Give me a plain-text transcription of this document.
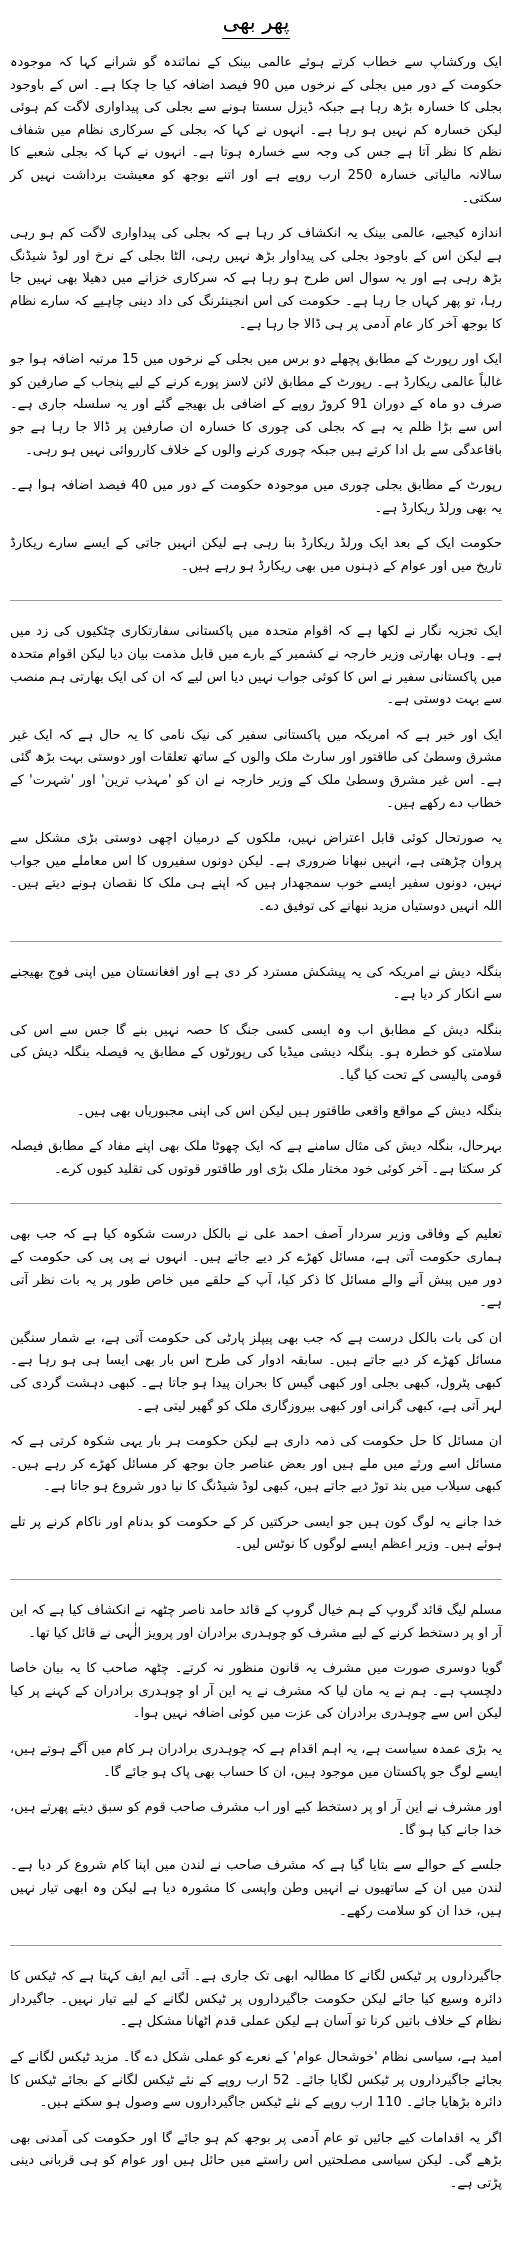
پھر بھی

ایک ورکشاپ سے خطاب کرتے ہوئے عالمی بینک کے نمائندہ گو شرانے کہا کہ موجودہ حکومت کے دور میں بجلی کے نرخوں میں 90 فیصد اضافہ کیا جا چکا ہے۔ اس کے باوجود بجلی کا خسارہ بڑھ رہا ہے جبکہ ڈیزل سستا ہونے سے بجلی کی پیداواری لاگت کم ہوئی لیکن خسارہ کم نہیں ہو رہا ہے۔ انہوں نے کہا کہ بجلی کے سرکاری نظام میں شفاف نظم کا نظر آتا ہے جس کی وجہ سے خسارہ ہوتا ہے۔ انہوں نے کہا کہ بجلی شعبے کا سالانہ مالیاتی خسارہ 250 ارب روپے ہے اور اتنے بوجھ کو معیشت برداشت نہیں کر سکتی۔

اندازہ کیجیے، عالمی بینک یہ انکشاف کر رہا ہے کہ بجلی کی پیداواری لاگت کم ہو رہی ہے لیکن اس کے باوجود بجلی کی پیداوار بڑھ نہیں رہی، الٹا بجلی کے نرخ اور لوڈ شیڈنگ بڑھ رہی ہے اور یہ سوال اس طرح ہو رہا ہے کہ سرکاری خزانے میں دھیلا بھی نہیں جا رہا، تو پھر کہاں جا رہا ہے۔ حکومت کی اس انجینئرنگ کی داد دینی چاہیے کہ سارے نظام کا بوجھ آخر کار عام آدمی پر ہی ڈالا جا رہا ہے۔

ایک اور رپورٹ کے مطابق پچھلے دو برس میں بجلی کے نرخوں میں 15 مرتبہ اضافہ ہوا جو غالباً عالمی ریکارڈ ہے۔ رپورٹ کے مطابق لائن لاسز پورے کرنے کے لیے پنجاب کے صارفین کو صرف دو ماہ کے دوران 91 کروڑ روپے کے اضافی بل بھیجے گئے اور یہ سلسلہ جاری ہے۔ اس سے بڑا ظلم یہ ہے کہ بجلی کی چوری کا خسارہ ان صارفین پر ڈالا جا رہا ہے جو باقاعدگی سے بل ادا کرتے ہیں جبکہ چوری کرنے والوں کے خلاف کارروائی نہیں ہو رہی۔

رپورٹ کے مطابق بجلی چوری میں موجودہ حکومت کے دور میں 40 فیصد اضافہ ہوا ہے۔ یہ بھی ورلڈ ریکارڈ ہے۔

حکومت ایک کے بعد ایک ورلڈ ریکارڈ بنا رہی ہے لیکن انہیں جاتی کے ایسے سارے ریکارڈ تاریخ میں اور عوام کے ذہنوں میں بھی ریکارڈ ہو رہے ہیں۔

ایک تجزیہ نگار نے لکھا ہے کہ اقوام متحدہ میں پاکستانی سفارتکاری چٹکیوں کی زد میں ہے۔ وہاں بھارتی وزیر خارجہ نے کشمیر کے بارے میں قابل مذمت بیان دیا لیکن اقوام متحدہ میں پاکستانی سفیر نے اس کا کوئی جواب نہیں دیا اس لیے کہ ان کی ایک بھارتی ہم منصب سے بہت دوستی ہے۔

ایک اور خبر ہے کہ امریکہ میں پاکستانی سفیر کی نیک نامی کا یہ حال ہے کہ ایک غیر مشرق وسطیٰ کی طاقتور اور سارٹ ملک والوں کے ساتھ تعلقات اور دوستی بہت بڑھ گئی ہے۔ اس غیر مشرق وسطیٰ ملک کے وزیر خارجہ نے ان کو 'مہذب ترین' اور 'شہرت' کے خطاب دے رکھے ہیں۔

یہ صورتحال کوئی قابل اعتراض نہیں، ملکوں کے درمیان اچھی دوستی بڑی مشکل سے پروان چڑھتی ہے، انہیں نبھانا ضروری ہے۔ لیکن دونوں سفیروں کا اس معاملے میں جواب نہیں، دونوں سفیر ایسے خوب سمجھدار ہیں کہ اپنے ہی ملک کا نقصان ہونے دیتے ہیں۔ اللہ انہیں دوستیاں مزید نبھانے کی توفیق دے۔

بنگلہ دیش نے امریکہ کی یہ پیشکش مسترد کر دی ہے اور افغانستان میں اپنی فوج بھیجنے سے انکار کر دیا ہے۔

بنگلہ دیش کے مطابق اب وہ ایسی کسی جنگ کا حصہ نہیں بنے گا جس سے اس کی سلامتی کو خطرہ ہو۔ بنگلہ دیشی میڈیا کی رپورٹوں کے مطابق یہ فیصلہ بنگلہ دیش کی قومی پالیسی کے تحت کیا گیا۔

بنگلہ دیش کے مواقع واقعی طاقتور ہیں لیکن اس کی اپنی مجبوریاں بھی ہیں۔

بہرحال، بنگلہ دیش کی مثال سامنے ہے کہ ایک چھوٹا ملک بھی اپنے مفاد کے مطابق فیصلہ کر سکتا ہے۔ آخر کوئی خود مختار ملک بڑی اور طاقتور قوتوں کی تقلید کیوں کرے۔

تعلیم کے وفاقی وزیر سردار آصف احمد علی نے بالکل درست شکوہ کیا ہے کہ جب بھی ہماری حکومت آتی ہے، مسائل کھڑے کر دیے جاتے ہیں۔ انہوں نے پی پی کی حکومت کے دور میں پیش آنے والے مسائل کا ذکر کیا، آپ کے حلقے میں خاص طور پر یہ بات نظر آتی ہے۔

ان کی بات بالکل درست ہے کہ جب بھی پیپلز پارٹی کی حکومت آتی ہے، بے شمار سنگین مسائل کھڑے کر دیے جاتے ہیں۔ سابقہ ادوار کی طرح اس بار بھی ایسا ہی ہو رہا ہے۔ کبھی پٹرول، کبھی بجلی اور کبھی گیس کا بحران پیدا ہو جاتا ہے۔ کبھی دہشت گردی کی لہر آتی ہے، کبھی گرانی اور کبھی بیروزگاری ملک کو گھیر لیتی ہے۔

ان مسائل کا حل حکومت کی ذمہ داری ہے لیکن حکومت ہر بار یہی شکوہ کرتی ہے کہ مسائل اسے ورثے میں ملے ہیں اور بعض عناصر جان بوجھ کر مسائل کھڑے کر رہے ہیں۔ کبھی سیلاب میں بند توڑ دیے جاتے ہیں، کبھی لوڈ شیڈنگ کا نیا دور شروع ہو جاتا ہے۔

خدا جانے یہ لوگ کون ہیں جو ایسی حرکتیں کر کے حکومت کو بدنام اور ناکام کرنے پر تلے ہوئے ہیں۔ وزیر اعظم ایسے لوگوں کا نوٹس لیں۔

مسلم لیگ قائد گروپ کے ہم خیال گروپ کے قائد حامد ناصر چٹھہ نے انکشاف کیا ہے کہ این آر او پر دستخط کرنے کے لیے مشرف کو چوہدری برادران اور پرویز الٰہی نے قائل کیا تھا۔

گویا دوسری صورت میں مشرف یہ قانون منظور نہ کرتے۔ چٹھہ صاحب کا یہ بیان خاصا دلچسپ ہے۔ ہم نے یہ مان لیا کہ مشرف نے یہ این آر او چوہدری برادران کے کہنے پر کیا لیکن اس سے چوہدری برادران کی عزت میں کوئی اضافہ نہیں ہوا۔

یہ بڑی عمدہ سیاست ہے، یہ اہم اقدام ہے کہ چوہدری برادران ہر کام میں آگے ہوتے ہیں، ایسے لوگ جو پاکستان میں موجود ہیں، ان کا حساب بھی پاک ہو جائے گا۔

اور مشرف نے این آر او پر دستخط کیے اور اب مشرف صاحب قوم کو سبق دیتے پھرتے ہیں، خدا جانے کیا ہو گا۔

جلسے کے حوالے سے بتایا گیا ہے کہ مشرف صاحب نے لندن میں اپنا کام شروع کر دیا ہے۔ لندن میں ان کے ساتھیوں نے انہیں وطن واپسی کا مشورہ دیا ہے لیکن وہ ابھی تیار نہیں ہیں، خدا ان کو سلامت رکھے۔

جاگیرداروں پر ٹیکس لگانے کا مطالبہ ابھی تک جاری ہے۔ آئی ایم ایف کہتا ہے کہ ٹیکس کا دائرہ وسیع کیا جائے لیکن حکومت جاگیرداروں پر ٹیکس لگانے کے لیے تیار نہیں۔ جاگیردار نظام کے خلاف باتیں کرنا تو آسان ہے لیکن عملی قدم اٹھانا مشکل ہے۔

امید ہے، سیاسی نظام 'خوشحال عوام' کے نعرے کو عملی شکل دے گا۔ مزید ٹیکس لگانے کے بجائے جاگیرداروں پر ٹیکس لگایا جائے۔ 52 ارب روپے کے نئے ٹیکس لگانے کے بجائے ٹیکس کا دائرہ بڑھایا جائے۔ 110 ارب روپے کے نئے ٹیکس جاگیرداروں سے وصول ہو سکتے ہیں۔

اگر یہ اقدامات کیے جائیں تو عام آدمی پر بوجھ کم ہو جائے گا اور حکومت کی آمدنی بھی بڑھے گی۔ لیکن سیاسی مصلحتیں اس راستے میں حائل ہیں اور عوام کو ہی قربانی دینی پڑتی ہے۔
